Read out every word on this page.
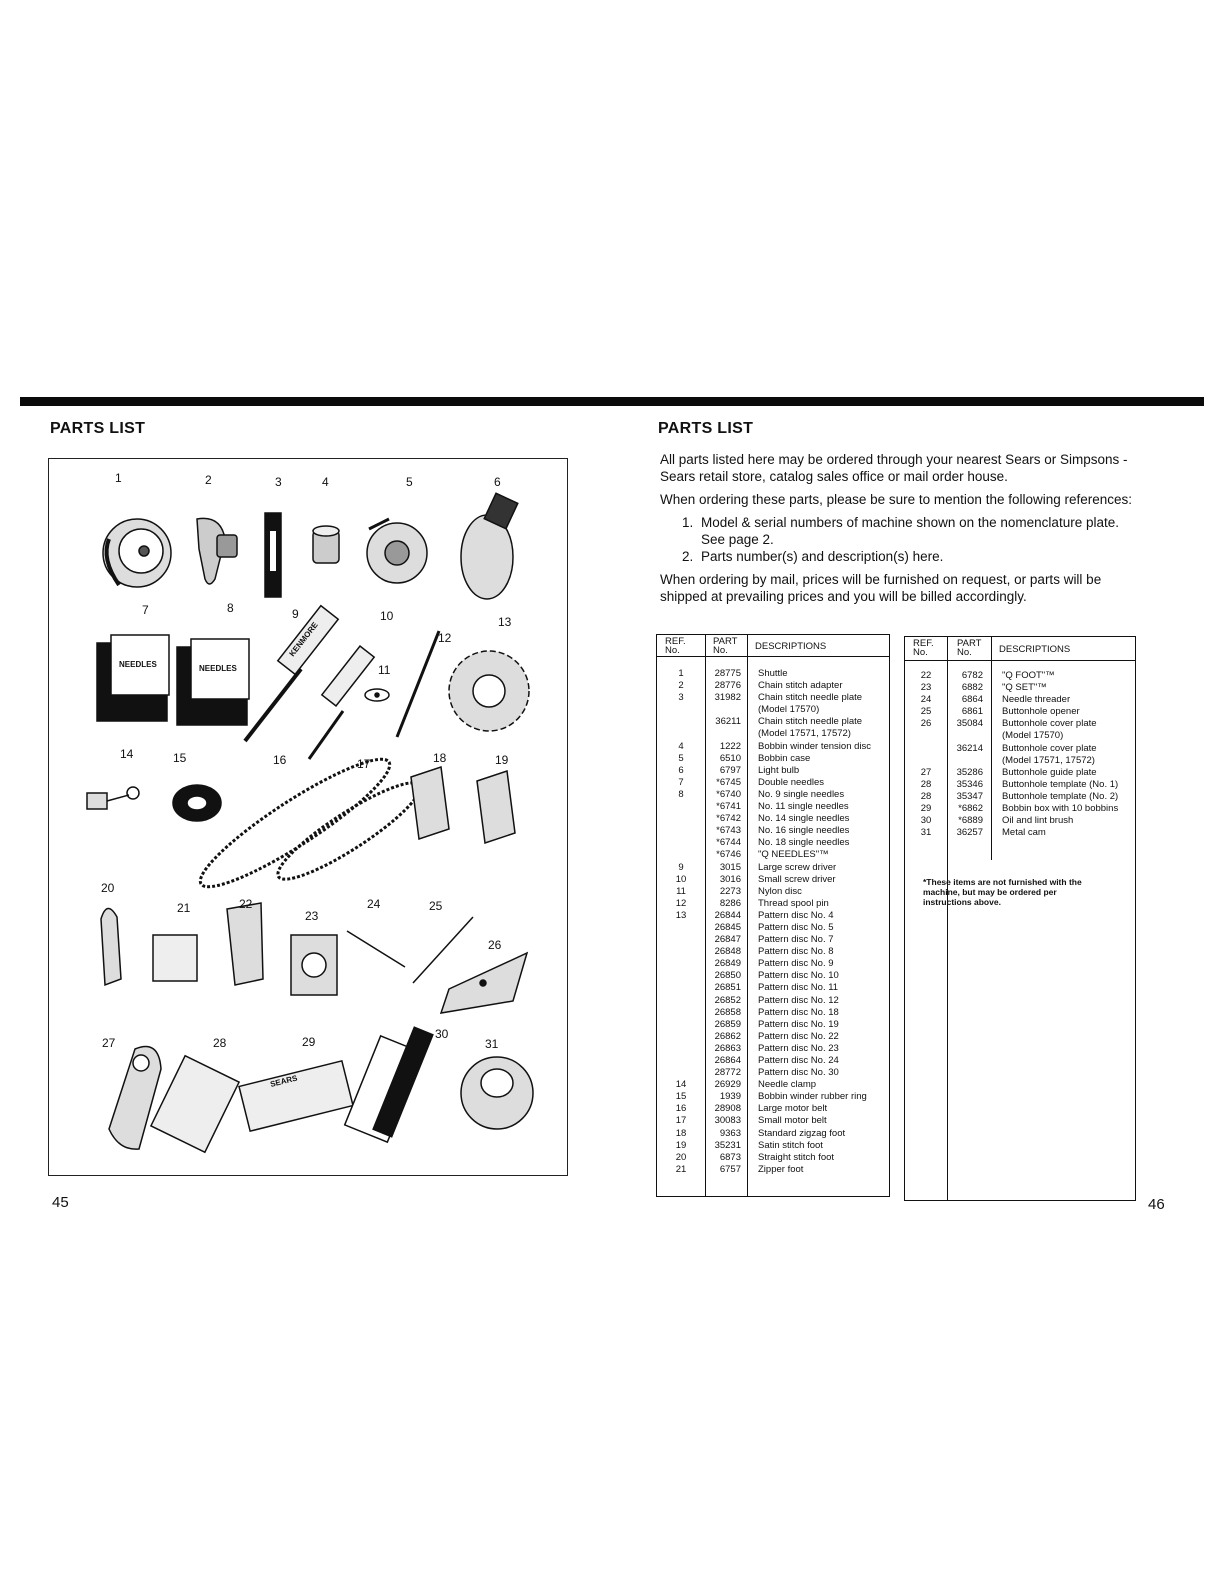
PARTS LIST
NEEDLES	NEEDLES
KENMORE
SEARS
1	2	3	4	5	6
7	8	9	10
11
12
13
14	15	16	17	18	19
20
21	22
23
24	25
26
27	28	29
30
31
45
PARTS LIST

All parts listed here may be ordered through your nearest Sears or Simpsons - Sears retail store, catalog sales office or mail order house.

When ordering these parts, please be sure to mention the following references:

1. Model & serial numbers of machine shown on the nomenclature plate. See page 2.
2. Parts number(s) and description(s) here.

When ordering by mail, prices will be furnished on request, or parts will be shipped at prevailing prices and you will be billed accordingly.

REF. No.
PART No.	DESCRIPTIONS
1	28775 Shuttle
2	28776 Chain stitch adapter
3	31982 Chain stitch needle plate
(Model 17570)
36211 Chain stitch needle plate
(Model 17571, 17572)
4	1222 Bobbin winder tension disc
5	6510 Bobbin case
6	6797 Light bulb
7	*6745 Double needles
8	*6740 No. 9 single needles
*6741 No. 11 single needles
*6742 No. 14 single needles
*6743 No. 16 single needles
*6744 No. 18 single needles
*6746 "Q NEEDLES"™
9	3015 Large screw driver
10	3016 Small screw driver
11	2273 Nylon disc
12	8286 Thread spool pin
13	26844 Pattern disc No. 4
26845 Pattern disc No. 5
26847 Pattern disc No. 7
26848 Pattern disc No. 8
26849 Pattern disc No. 9
26850 Pattern disc No. 10
26851 Pattern disc No. 11
26852 Pattern disc No. 12
26858 Pattern disc No. 18
26859 Pattern disc No. 19
26862 Pattern disc No. 22
26863 Pattern disc No. 23
26864 Pattern disc No. 24
28772 Pattern disc No. 30
14	26929 Needle clamp
15	1939 Bobbin winder rubber ring
16	28908 Large motor belt
17	30083 Small motor belt
18	9363 Standard zigzag foot
19	35231 Satin stitch foot
20	6873 Straight stitch foot
21	6757 Zipper foot
REF. No.
PART No.	DESCRIPTIONS
22	6782 "Q FOOT"™
23	6882 "Q SET"™
24	6864 Needle threader
25	6861 Buttonhole opener
26	35084 Buttonhole cover plate
(Model 17570)
36214 Buttonhole cover plate
(Model 17571, 17572)
27	35286 Buttonhole guide plate
28	35346 Buttonhole template (No. 1)
28	35347 Buttonhole template (No. 2)
29	*6862 Bobbin box with 10 bobbins
30	*6889 Oil and lint brush
31	36257 Metal cam
*These items are not furnished with the machine, but may be ordered per instructions above.
46
